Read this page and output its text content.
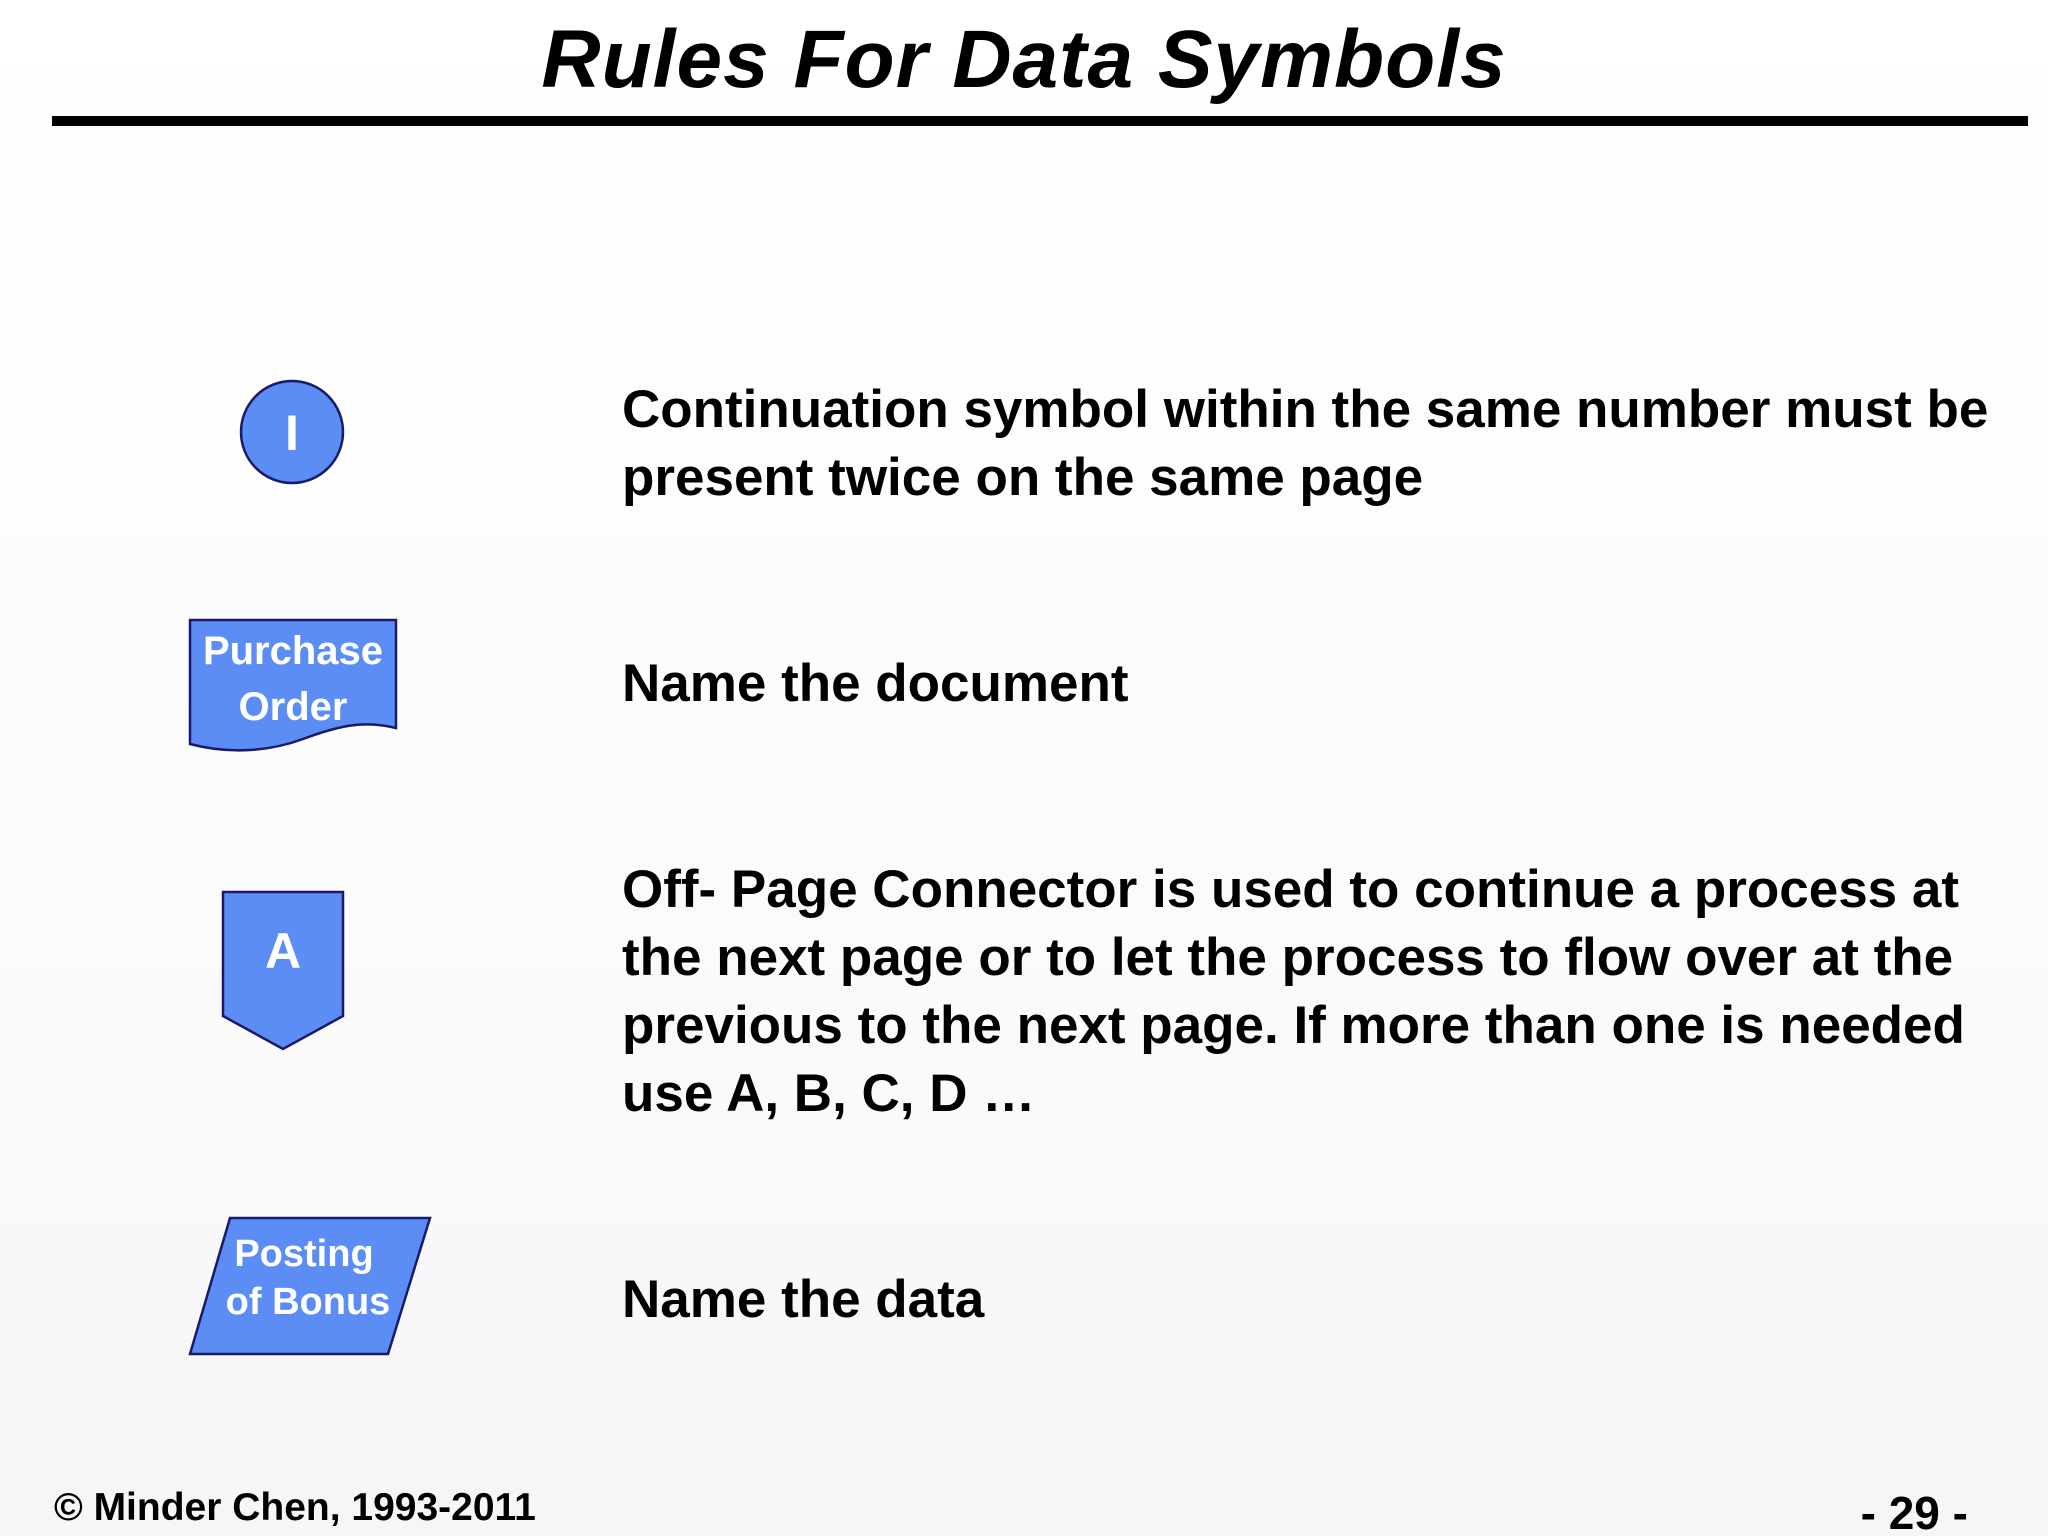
Rules For Data Symbols
I	Continuation symbol within the same number must be present twice on the same page
Purchase
Order	Name the document
A
Off- Page Connector is used to continue a process at the next page or to let the process to flow over at the previous to the next page. If more than one is needed use A, B, C, D …
Posting
of Bonus	Name the data
© Minder Chen, 1993-2011	- 29 -
